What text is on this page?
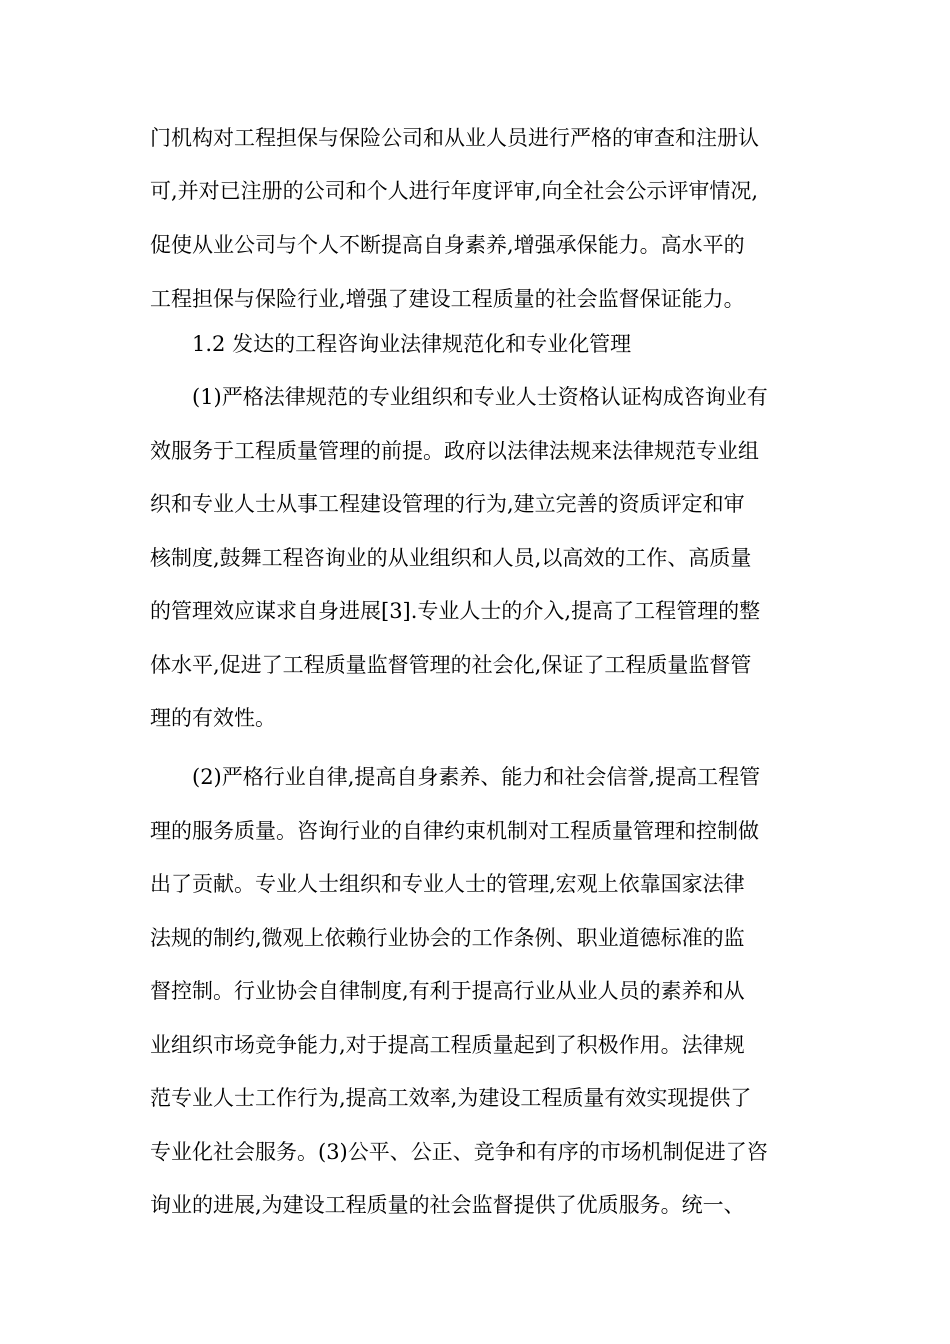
门机构对工程担保与保险公司和从业人员进行严格的审查和注册认
可,并对已注册的公司和个人进行年度评审,向全社会公示评审情况,
促使从业公司与个人不断提高自身素养,增强承保能力。高水平的
工程担保与保险行业,增强了建设工程质量的社会监督保证能力。
1.2 发达的工程咨询业法律规范化和专业化管理
(1)严格法律规范的专业组织和专业人士资格认证构成咨询业有
效服务于工程质量管理的前提。政府以法律法规来法律规范专业组
织和专业人士从事工程建设管理的行为,建立完善的资质评定和审
核制度,鼓舞工程咨询业的从业组织和人员,以高效的工作、高质量
的管理效应谋求自身进展[3].专业人士的介入,提高了工程管理的整
体水平,促进了工程质量监督管理的社会化,保证了工程质量监督管
理的有效性。
(2)严格行业自律,提高自身素养、能力和社会信誉,提高工程管
理的服务质量。咨询行业的自律约束机制对工程质量管理和控制做
出了贡献。专业人士组织和专业人士的管理,宏观上依靠国家法律
法规的制约,微观上依赖行业协会的工作条例、职业道德标准的监
督控制。行业协会自律制度,有利于提高行业从业人员的素养和从
业组织市场竞争能力,对于提高工程质量起到了积极作用。法律规
范专业人士工作行为,提高工效率,为建设工程质量有效实现提供了
专业化社会服务。(3)公平、公正、竞争和有序的市场机制促进了咨
询业的进展,为建设工程质量的社会监督提供了优质服务。统一、
